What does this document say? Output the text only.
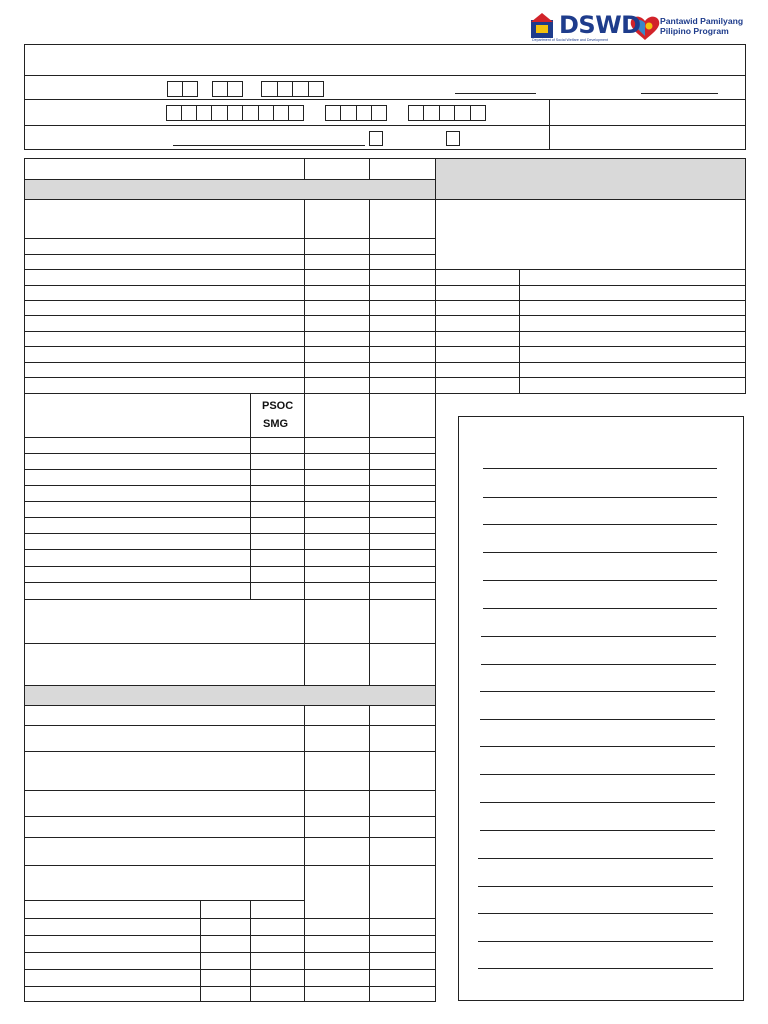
DSWD
Department of Social Welfare and Development
Pantawid Pamilyang
Pilipino Program
PSOC
SMG
